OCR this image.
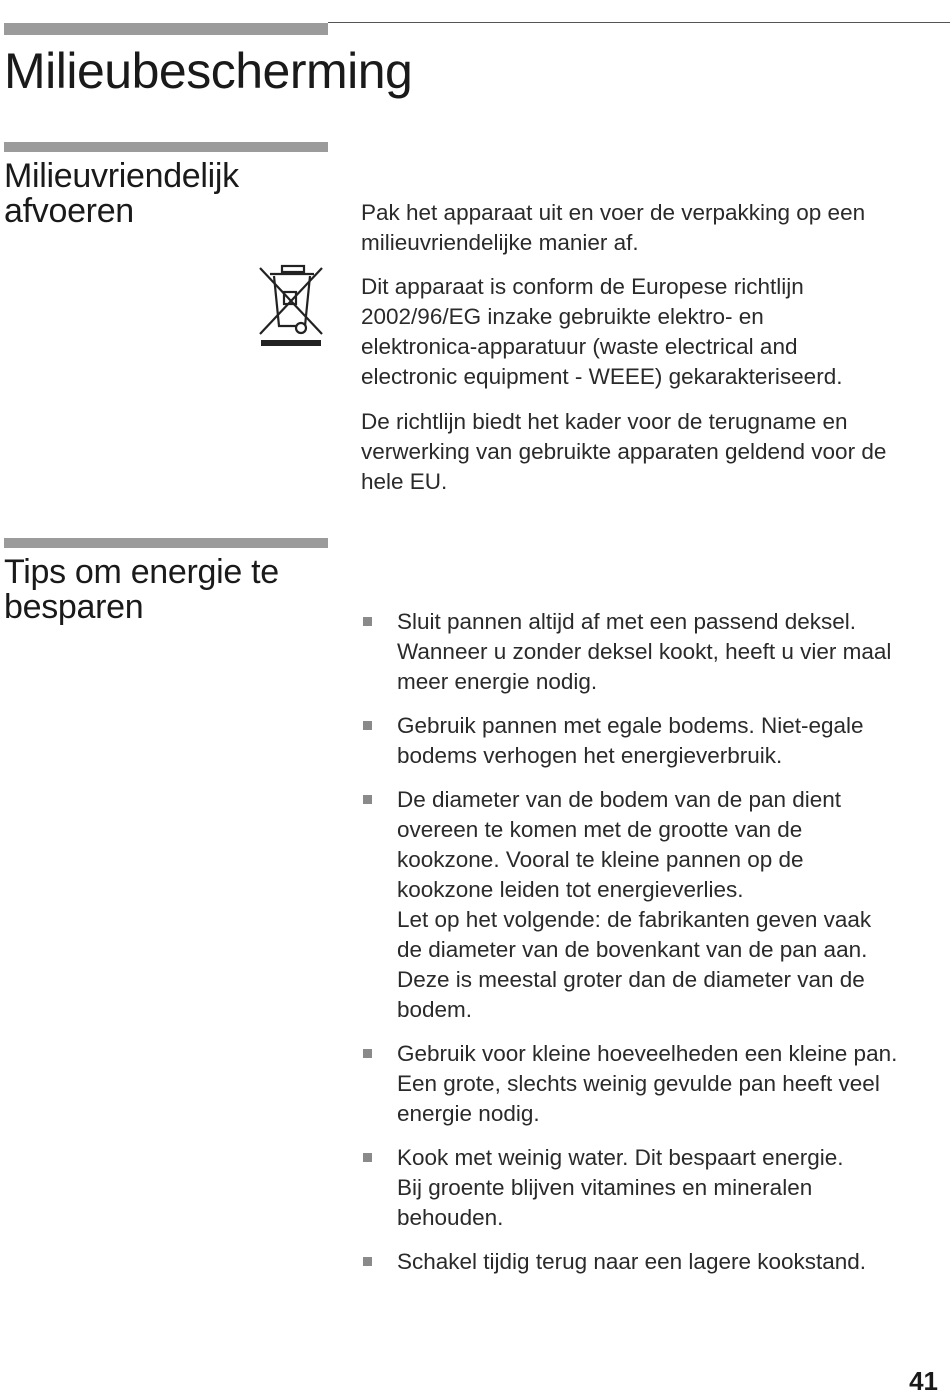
Milieubescherming
Milieuvriendelijk
afvoeren	Pak het apparaat uit en voer de verpakking op een
milieuvriendelijke manier af.

Dit apparaat is conform de Europese richtlijn
2002/96/EG inzake gebruikte elektro- en
elektronica-apparatuur (waste electrical and
electronic equipment - WEEE) gekarakteriseerd.

De richtlijn biedt het kader voor de terugname en
verwerking van gebruikte apparaten geldend voor de
hele EU.

Tips om energie te
besparen	Sluit pannen altijd af met een passend deksel.
Wanneer u zonder deksel kookt, heeft u vier maal
meer energie nodig.
Gebruik pannen met egale bodems. Niet-egale
bodems verhogen het energieverbruik.
De diameter van de bodem van de pan dient
overeen te komen met de grootte van de
kookzone. Vooral te kleine pannen op de
kookzone leiden tot energieverlies.
Let op het volgende: de fabrikanten geven vaak
de diameter van de bovenkant van de pan aan.
Deze is meestal groter dan de diameter van de
bodem.
Gebruik voor kleine hoeveelheden een kleine pan.
Een grote, slechts weinig gevulde pan heeft veel
energie nodig.
Kook met weinig water. Dit bespaart energie.
Bij groente blijven vitamines en mineralen
behouden.
Schakel tijdig terug naar een lagere kookstand.
41
